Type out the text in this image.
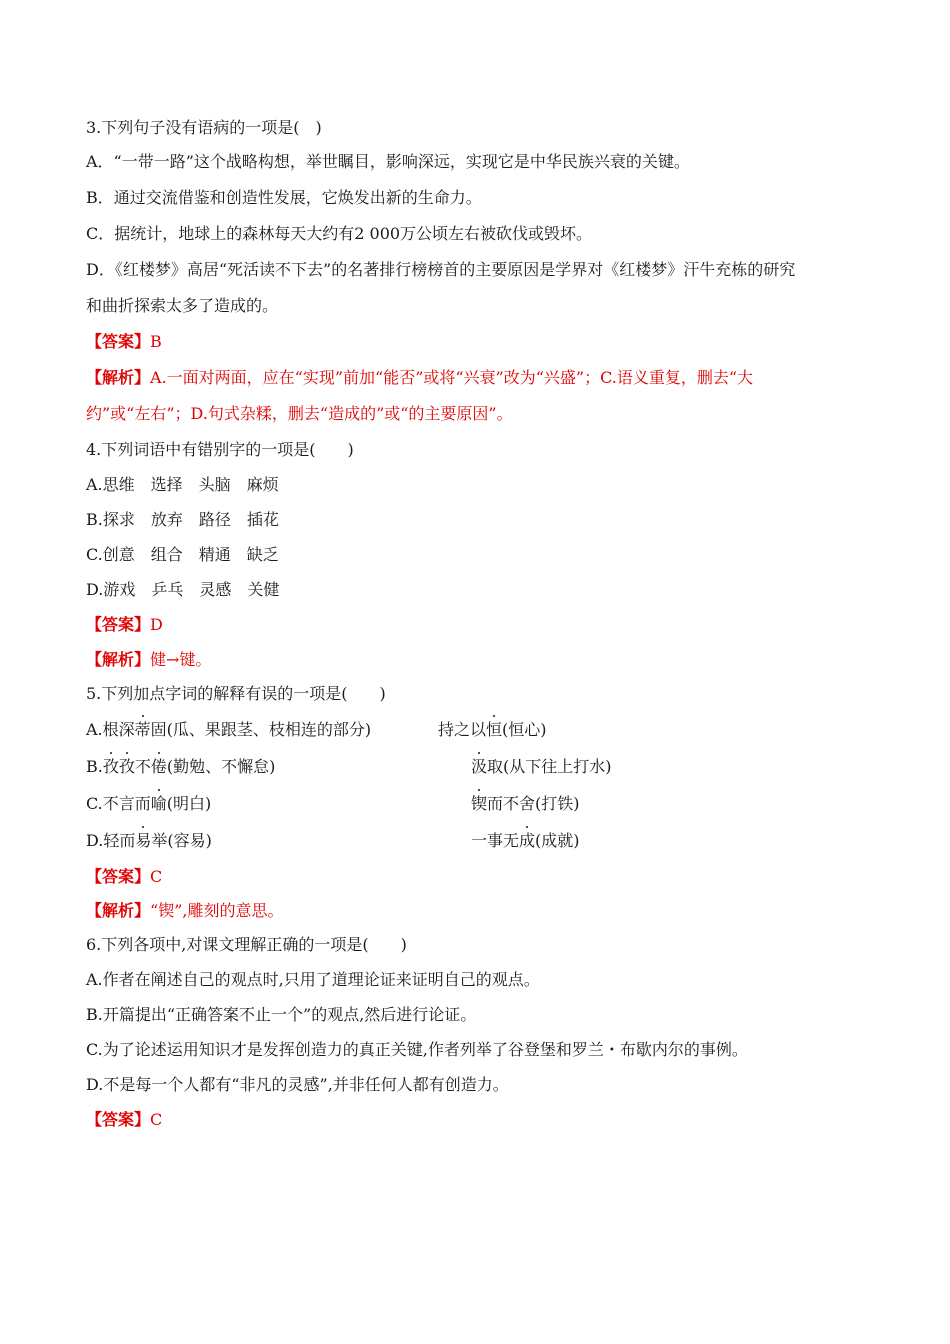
3.下列句子没有语病的一项是(　)
A．“一带一路”这个战略构想，举世瞩目，影响深远，实现它是中华民族兴衰的关键。
B．通过交流借鉴和创造性发展，它焕发出新的生命力。
C．据统计，地球上的森林每天大约有2 000万公顷左右被砍伐或毁坏。
D．《红楼梦》高居“死活读不下去”的名著排行榜榜首的主要原因是学界对《红楼梦》汗牛充栋的研究
和曲折探索太多了造成的。
【答案】B
【解析】A.一面对两面，应在“实现”前加“能否”或将“兴衰”改为“兴盛”；C.语义重复，删去“大
约”或“左右”；D.句式杂糅，删去“造成的”或“的主要原因”。
4.下列词语中有错别字的一项是(　　)
A.思维　选择　头脑　麻烦
B.探求　放弃　路径　插花
C.创意　组合　精通　缺乏
D.游戏　乒乓　灵感　关健
【答案】D
【解析】健→键。
5.下列加点字词的解释有误的一项是(　　)
A.根深蒂固(瓜、果跟茎、枝相连的部分)	持之以恒(恒心)
B.孜孜不倦(勤勉、不懈怠)	汲取(从下往上打水)
C.不言而喻(明白)	锲而不舍(打铁)
D.轻而易举(容易)	一事无成(成就)
【答案】C
【解析】“锲”,雕刻的意思。
6.下列各项中,对课文理解正确的一项是(　　)
A.作者在阐述自己的观点时,只用了道理论证来证明自己的观点。
B.开篇提出“正确答案不止一个”的观点,然后进行论证。
C.为了论述运用知识才是发挥创造力的真正关键,作者列举了谷登堡和罗兰・布歇内尔的事例。
D.不是每一个人都有“非凡的灵感”,并非任何人都有创造力。
【答案】C
